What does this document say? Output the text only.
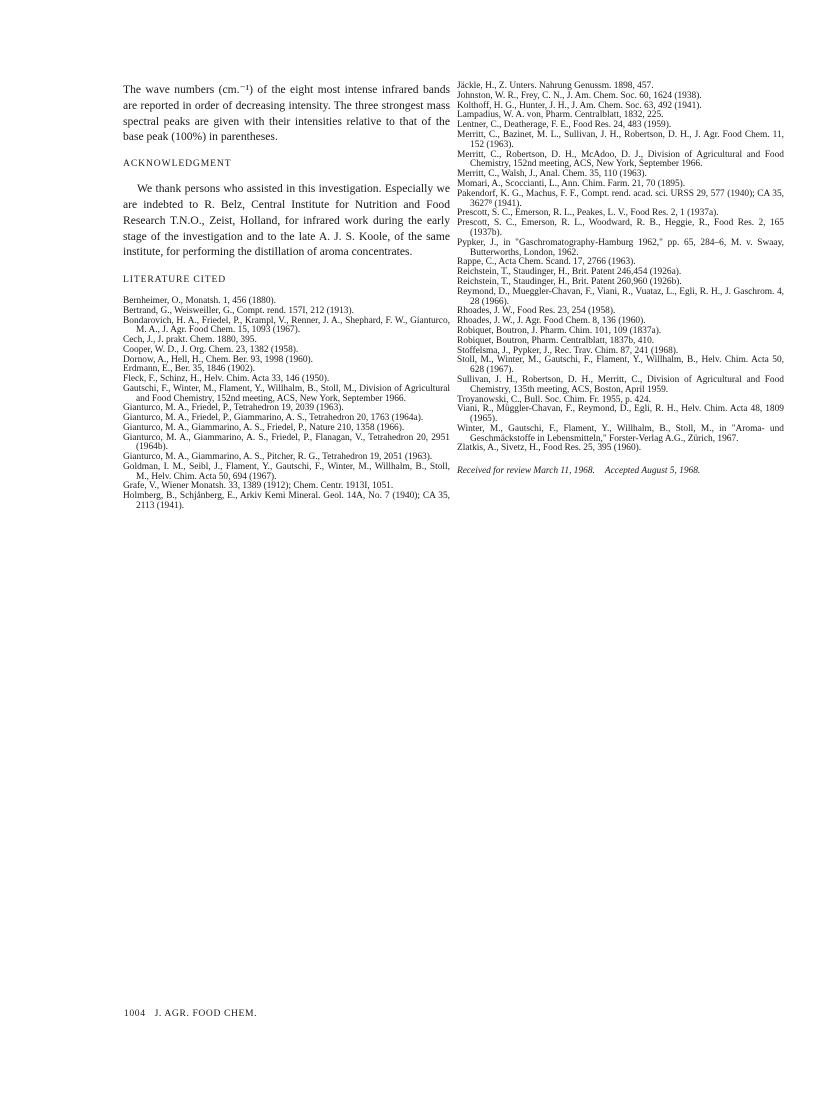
The wave numbers (cm.⁻¹) of the eight most intense infrared bands are reported in order of decreasing intensity. The three strongest mass spectral peaks are given with their intensities relative to that of the base peak (100%) in parentheses.

ACKNOWLEDGMENT

We thank persons who assisted in this investigation. Especially we are indebted to R. Belz, Central Institute for Nutrition and Food Research T.N.O., Zeist, Holland, for infrared work during the early stage of the investigation and to the late A. J. S. Koole, of the same institute, for performing the distillation of aroma concentrates.

LITERATURE CITED
Bernheimer, O., Monatsh. 1, 456 (1880).
Bertrand, G., Weisweiller, G., Compt. rend. 157I, 212 (1913).
Bondarovich, H. A., Friedel, P., Krampl, V., Renner, J. A., Shephard, F. W., Gianturco, M. A., J. Agr. Food Chem. 15, 1093 (1967).
Cech, J., J. prakt. Chem. 1880, 395.
Cooper, W. D., J. Org. Chem. 23, 1382 (1958).
Dornow, A., Hell, H., Chem. Ber. 93, 1998 (1960).
Erdmann, E., Ber. 35, 1846 (1902).
Fleck, F., Schinz, H., Helv. Chim. Acta 33, 146 (1950).
Gautschi, F., Winter, M., Flament, Y., Willhalm, B., Stoll, M., Division of Agricultural and Food Chemistry, 152nd meeting, ACS, New York, September 1966.
Gianturco, M. A., Friedel, P., Tetrahedron 19, 2039 (1963).
Gianturco, M. A., Friedel, P., Giammarino, A. S., Tetrahedron 20, 1763 (1964a).
Gianturco, M. A., Giammarino, A. S., Friedel, P., Nature 210, 1358 (1966).
Gianturco, M. A., Giammarino, A. S., Friedel, P., Flanagan, V., Tetrahedron 20, 2951 (1964b).
Gianturco, M. A., Giammarino, A. S., Pitcher, R. G., Tetrahedron 19, 2051 (1963).
Goldman, I. M., Seibl, J., Flament, Y., Gautschi, F., Winter, M., Willhalm, B., Stoll, M., Helv. Chim. Acta 50, 694 (1967).
Grafe, V., Wiener Monatsh. 33, 1389 (1912); Chem. Centr. 1913I, 1051.
Holmberg, B., Schjånberg, E., Arkiv Kemi Mineral. Geol. 14A, No. 7 (1940); CA 35, 2113 (1941).
Jäckle, H., Z. Unters. Nahrung Genussm. 1898, 457.
Johnston, W. R., Frey, C. N., J. Am. Chem. Soc. 60, 1624 (1938).
Kolthoff, H. G., Hunter, J. H., J. Am. Chem. Soc. 63, 492 (1941).
Lampadius, W. A. von, Pharm. Centralblatt, 1832, 225.
Lentner, C., Deatherage, F. E., Food Res. 24, 483 (1959).
Merritt, C., Bazinet, M. L., Sullivan, J. H., Robertson, D. H., J. Agr. Food Chem. 11, 152 (1963).
Merritt, C., Robertson, D. H., McAdoo, D. J., Division of Agricultural and Food Chemistry, 152nd meeting, ACS, New York, September 1966.
Merritt, C., Walsh, J., Anal. Chem. 35, 110 (1963).
Momari, A., Scoccianti, L., Ann. Chim. Farm. 21, 70 (1895).
Pakendorf, K. G., Machus, F. F., Compt. rend. acad. sci. URSS 29, 577 (1940); CA 35, 3627⁸ (1941).
Prescott, S. C., Emerson, R. L., Peakes, L. V., Food Res. 2, 1 (1937a).
Prescott, S. C., Emerson, R. L., Woodward, R. B., Heggie, R., Food Res. 2, 165 (1937b).
Pypker, J., in "Gaschromatography-Hamburg 1962," pp. 65, 284–6, M. v. Swaay, Butterworths, London, 1962.
Rappe, C., Acta Chem. Scand. 17, 2766 (1963).
Reichstein, T., Staudinger, H., Brit. Patent 246,454 (1926a).
Reichstein, T., Staudinger, H., Brit. Patent 260,960 (1926b).
Reymond, D., Mueggler-Chavan, F., Viani, R., Vuataz, L., Egli, R. H., J. Gaschrom. 4, 28 (1966).
Rhoades, J. W., Food Res. 23, 254 (1958).
Rhoades, J. W., J. Agr. Food Chem. 8, 136 (1960).
Robiquet, Boutron, J. Pharm. Chim. 101, 109 (1837a).
Robiquet, Boutron, Pharm. Centralblatt, 1837b, 410.
Stoffelsma, J., Pypker, J., Rec. Trav. Chim. 87, 241 (1968).
Stoll, M., Winter, M., Gautschi, F., Flament, Y., Willhalm, B., Helv. Chim. Acta 50, 628 (1967).
Sullivan, J. H., Robertson, D. H., Merritt, C., Division of Agricultural and Food Chemistry, 135th meeting, ACS, Boston, April 1959.
Troyanowski, C., Bull. Soc. Chim. Fr. 1955, p. 424.
Viani, R., Müggler-Chavan, F., Reymond, D., Egli, R. H., Helv. Chim. Acta 48, 1809 (1965).
Winter, M., Gautschi, F., Flament, Y., Willhalm, B., Stoll, M., in "Aroma- und Geschmäckstoffe in Lebensmitteln," Forster-Verlag A.G., Zürich, 1967.
Zlatkis, A., Sivetz, H., Food Res. 25, 395 (1960).
Received for review March 11, 1968. Accepted August 5, 1968.
1004 J. AGR. FOOD CHEM.
